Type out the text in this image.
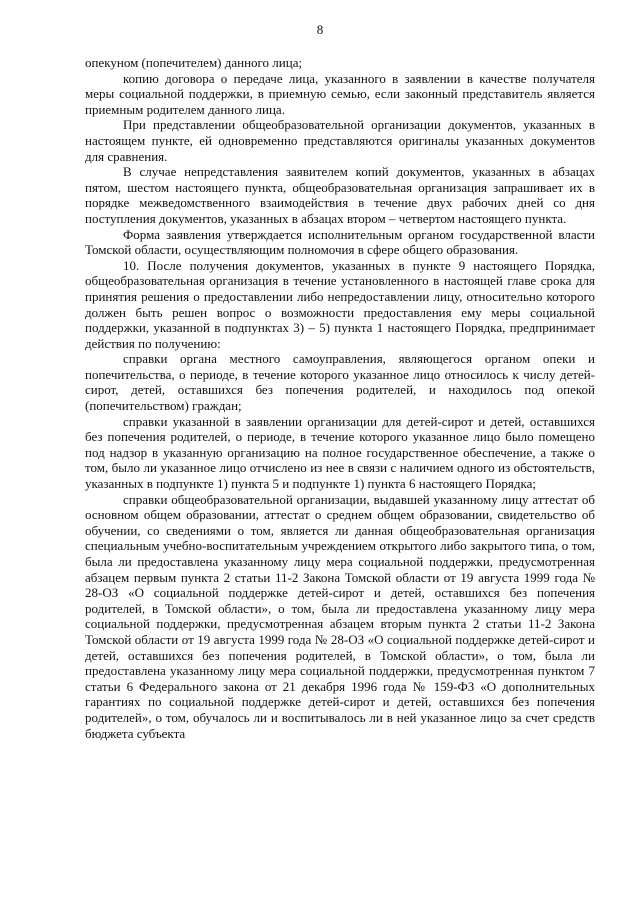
8

опекуном (попечителем) данного лица;

копию договора о передаче лица, указанного в заявлении в качестве получателя меры социальной поддержки, в приемную семью, если законный представитель является приемным родителем данного лица.

При представлении общеобразовательной организации документов, указанных в настоящем пункте, ей одновременно представляются оригиналы указанных документов для сравнения.

В случае непредставления заявителем копий документов, указанных в абзацах пятом, шестом настоящего пункта, общеобразовательная организация запрашивает их в порядке межведомственного взаимодействия в течение двух рабочих дней со дня поступления документов, указанных в абзацах втором – четвертом настоящего пункта.

Форма заявления утверждается исполнительным органом государственной власти Томской области, осуществляющим полномочия в сфере общего образования.

10. После получения документов, указанных в пункте 9 настоящего Порядка, общеобразовательная организация в течение установленного в настоящей главе срока для принятия решения о предоставлении либо непредоставлении лицу, относительно которого должен быть решен вопрос о возможности предоставления ему меры социальной поддержки, указанной в подпунктах 3) – 5) пункта 1 настоящего Порядка, предпринимает действия по получению:

справки органа местного самоуправления, являющегося органом опеки и попечительства, о периоде, в течение которого указанное лицо относилось к числу детей-сирот, детей, оставшихся без попечения родителей, и находилось под опекой (попечительством) граждан;

справки указанной в заявлении организации для детей-сирот и детей, оставшихся без попечения родителей, о периоде, в течение которого указанное лицо было помещено под надзор в указанную организацию на полное государственное обеспечение, а также о том, было ли указанное лицо отчислено из нее в связи с наличием одного из обстоятельств, указанных в подпункте 1) пункта 5 и подпункте 1) пункта 6 настоящего Порядка;

справки общеобразовательной организации, выдавшей указанному лицу аттестат об основном общем образовании, аттестат о среднем общем образовании, свидетельство об обучении, со сведениями о том, является ли данная общеобразовательная организация специальным учебно-воспитательным учреждением открытого либо закрытого типа, о том, была ли предоставлена указанному лицу мера социальной поддержки, предусмотренная абзацем первым пункта 2 статьи 11-2 Закона Томской области от 19 августа 1999 года № 28-ОЗ «О социальной поддержке детей-сирот и детей, оставшихся без попечения родителей, в Томской области», о том, была ли предоставлена указанному лицу мера социальной поддержки, предусмотренная абзацем вторым пункта 2 статьи 11-2 Закона Томской области от 19 августа 1999 года № 28-ОЗ «О социальной поддержке детей-сирот и детей, оставшихся без попечения родителей, в Томской области», о том, была ли предоставлена указанному лицу мера социальной поддержки, предусмотренная пунктом 7 статьи 6 Федерального закона от 21 декабря 1996 года № 159-ФЗ «О дополнительных гарантиях по социальной поддержке детей-сирот и детей, оставшихся без попечения родителей», о том, обучалось ли и воспитывалось ли в ней указанное лицо за счет средств бюджета субъекта
